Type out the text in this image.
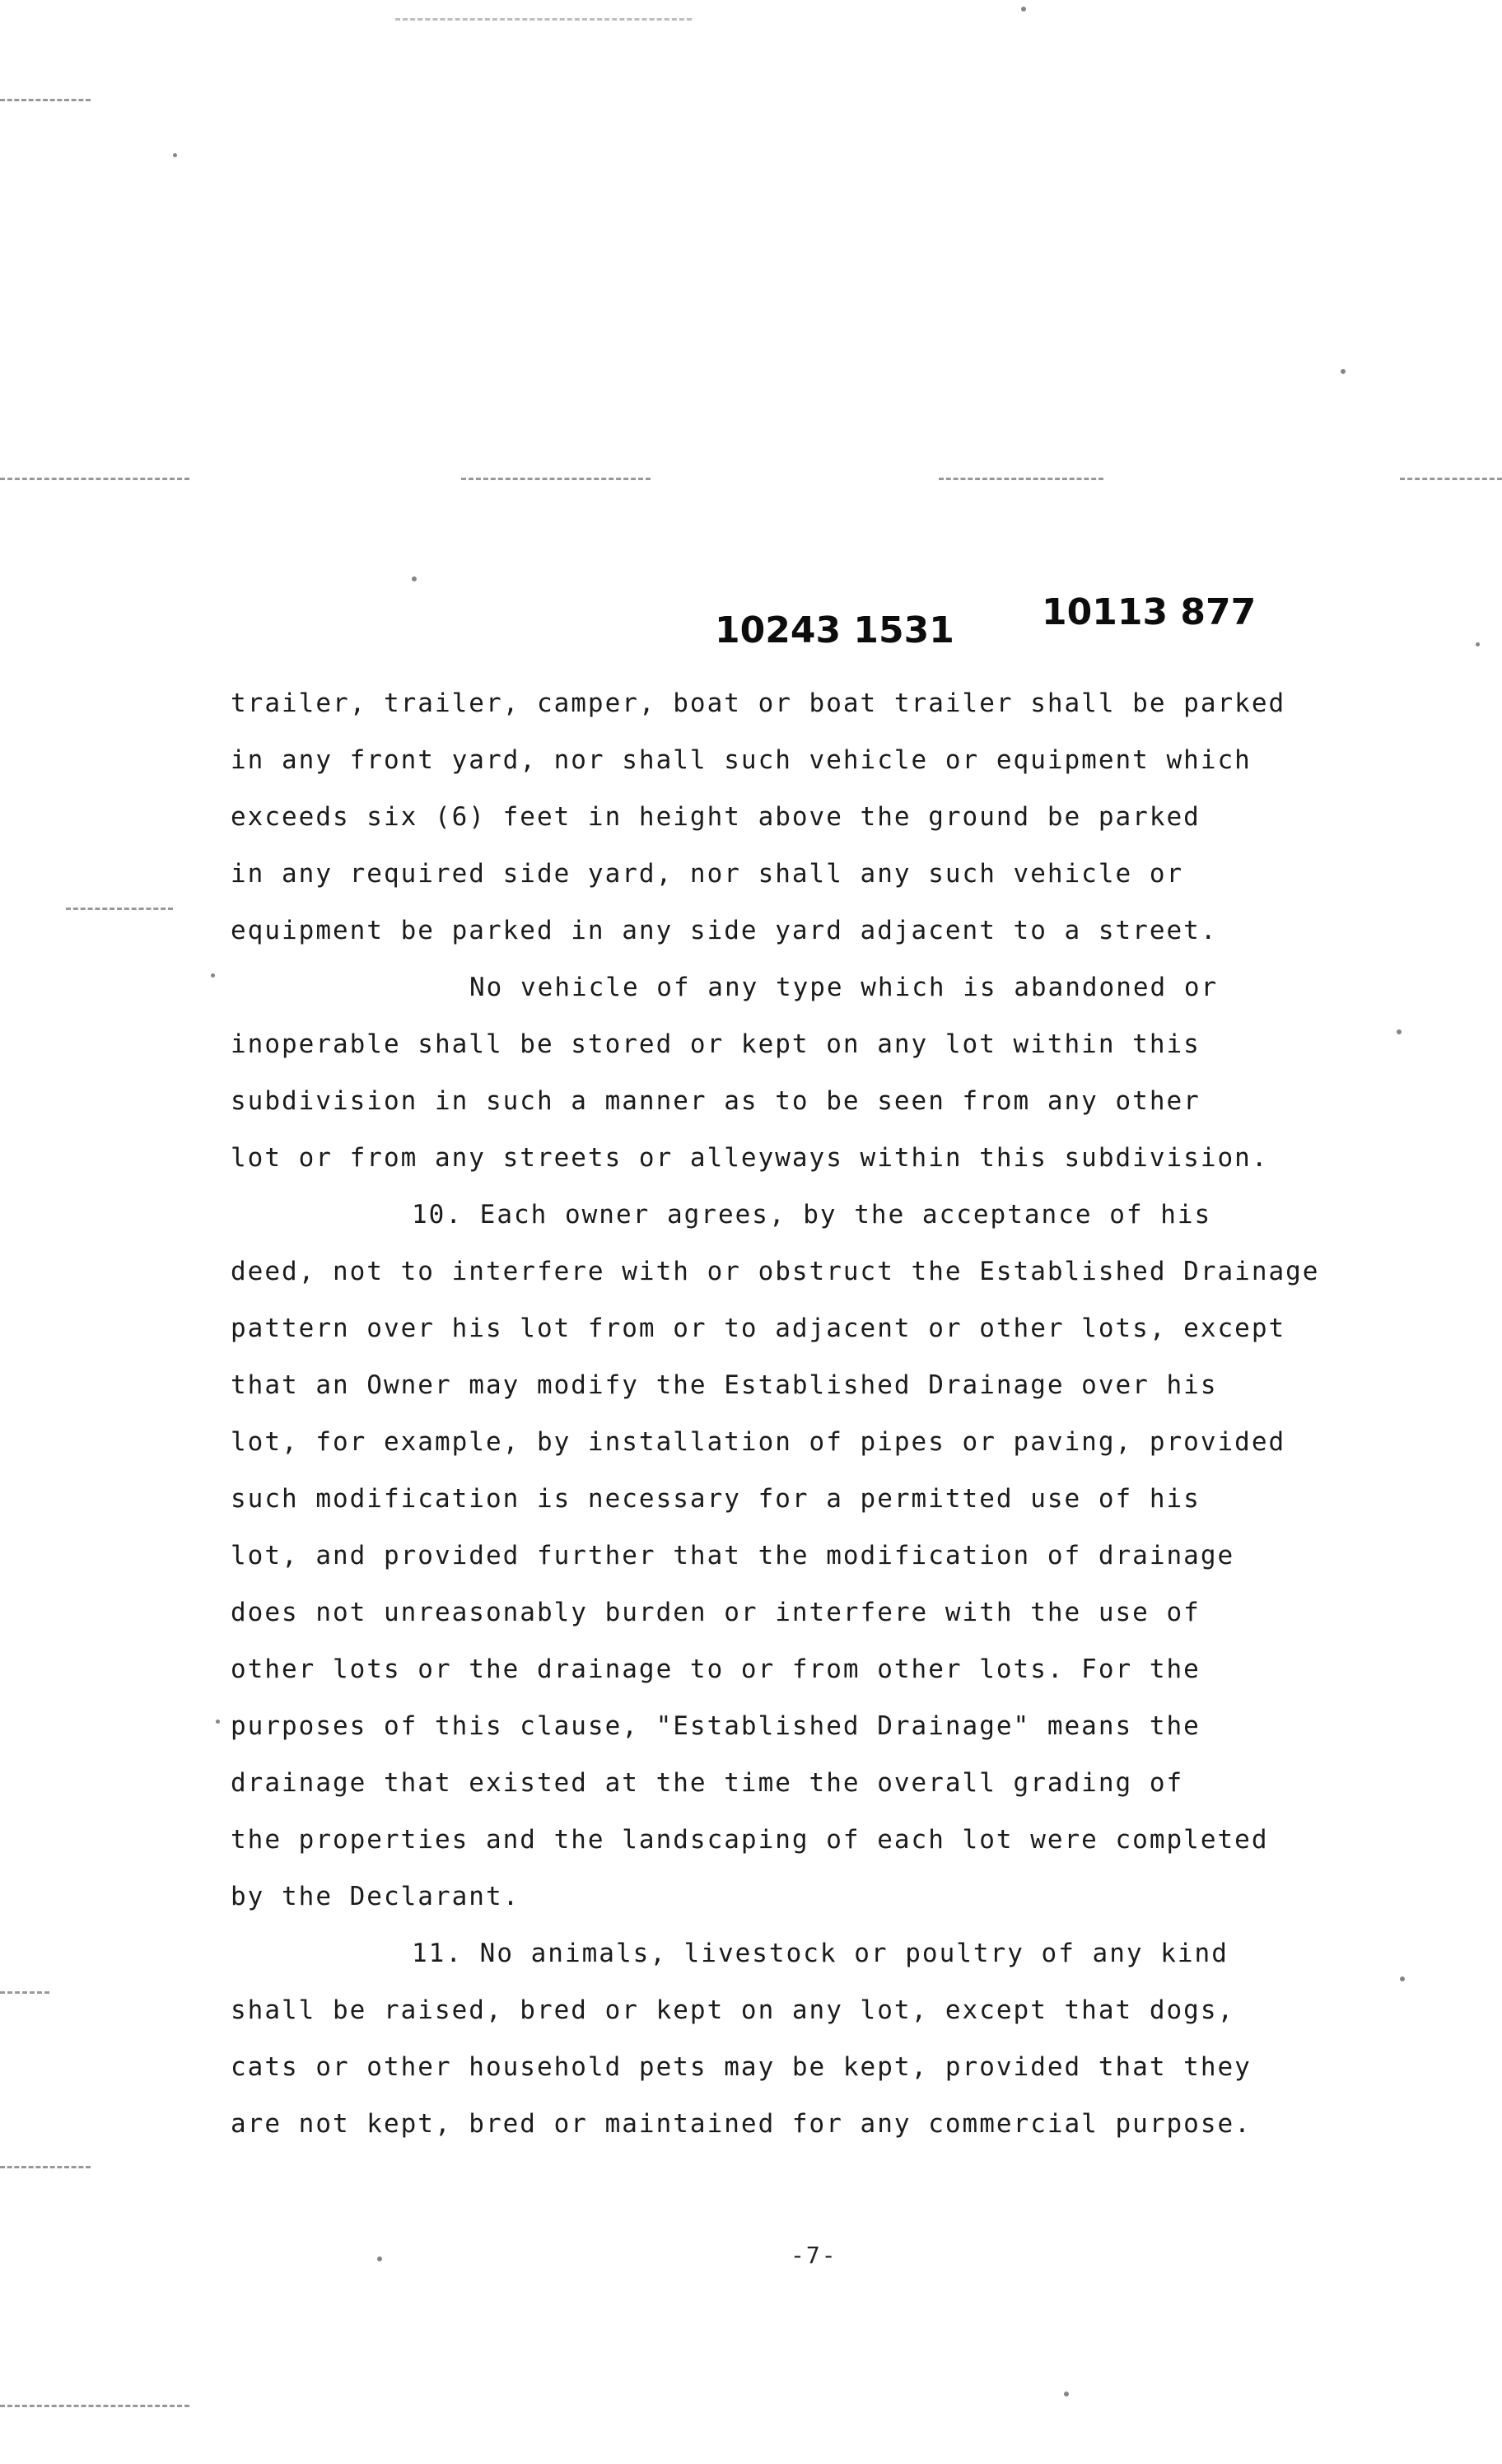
10243 1531 10113 877
trailer, trailer, camper, boat or boat trailer shall be parked
in any front yard, nor shall such vehicle or equipment which
exceeds six (6) feet in height above the ground be parked
in any required side yard, nor shall any such vehicle or
equipment be parked in any side yard adjacent to a street.
No vehicle of any type which is abandoned or
inoperable shall be stored or kept on any lot within this
subdivision in such a manner as to be seen from any other
lot or from any streets or alleyways within this subdivision.
10. Each owner agrees, by the acceptance of his
deed, not to interfere with or obstruct the Established Drainage
pattern over his lot from or to adjacent or other lots, except
that an Owner may modify the Established Drainage over his
lot, for example, by installation of pipes or paving, provided
such modification is necessary for a permitted use of his
lot, and provided further that the modification of drainage
does not unreasonably burden or interfere with the use of
other lots or the drainage to or from other lots. For the
purposes of this clause, "Established Drainage" means the
drainage that existed at the time the overall grading of
the properties and the landscaping of each lot were completed
by the Declarant.
11. No animals, livestock or poultry of any kind
shall be raised, bred or kept on any lot, except that dogs,
cats or other household pets may be kept, provided that they
are not kept, bred or maintained for any commercial purpose.
-7-
